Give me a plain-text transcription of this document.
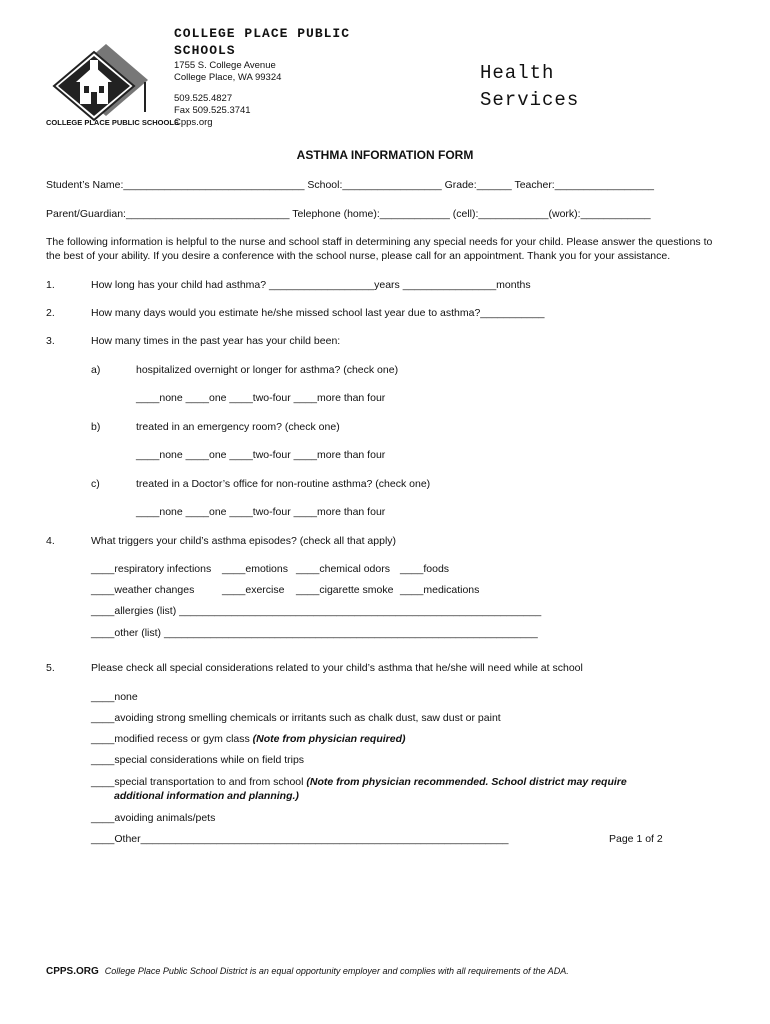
COLLEGE PLACE PUBLIC SCHOOLS
COLLEGE PLACE PUBLIC
SCHOOLS
1755 S. College Avenue
College Place, WA 99324
509.525.4827
Fax 509.525.3741
Cpps.org
Health
Services
ASTHMA INFORMATION FORM
Student’s Name:_______________________________ School:_________________ Grade:______ Teacher:_________________
Parent/Guardian:____________________________ Telephone (home):____________ (cell):____________(work):____________
The following information is helpful to the nurse and school staff in determining any special needs for your child. Please answer the questions to
the best of your ability. If you desire a conference with the school nurse, please call for an appointment. Thank you for your assistance.
1.	How long has your child had asthma? __________________years ________________months
2.	How many days would you estimate he/she missed school last year due to asthma?___________
3.	How many times in the past year has your child been:
a)	hospitalized overnight or longer for asthma? (check one)
____none ____one ____two-four ____more than four
b)	treated in an emergency room? (check one)
____none ____one ____two-four ____more than four
c)	treated in a Doctor’s office for non-routine asthma? (check one)
____none ____one ____two-four ____more than four
4.	What triggers your child’s asthma episodes? (check all that apply)
____respiratory infections ____emotions ____chemical odors ____foods
____weather changes	____exercise ____cigarette smoke ____medications
____allergies (list) ______________________________________________________________
____other (list) ________________________________________________________________
5.	Please check all special considerations related to your child’s asthma that he/she will need while at school
____none
____avoiding strong smelling chemicals or irritants such as chalk dust, saw dust or paint
____modified recess or gym class (Note from physician required)
____special considerations while on field trips
____special transportation to and from school (Note from physician recommended. School district may require
additional information and planning.)
____avoiding animals/pets
____Other_______________________________________________________________	Page 1 of 2
CPPS.ORG College Place Public School District is an equal opportunity employer and complies with all requirements of the ADA.
